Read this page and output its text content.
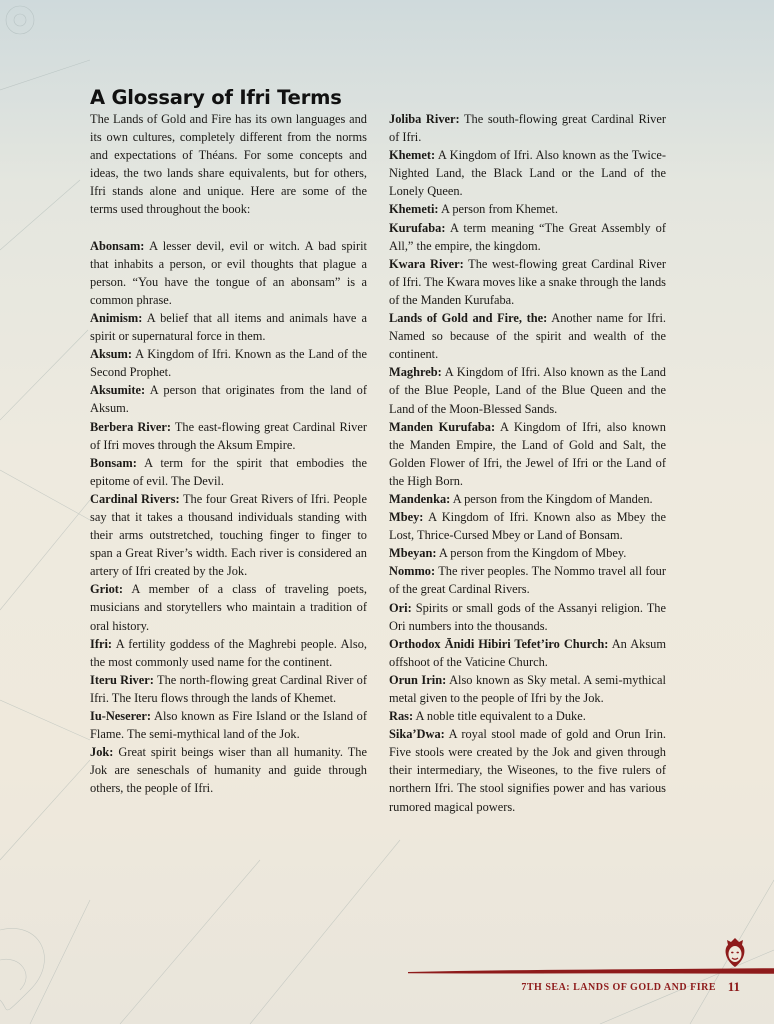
A Glossary of Ifri Terms

The Lands of Gold and Fire has its own languages and its own cultures, completely different from the norms and expectations of Théans. For some concepts and ideas, the two lands share equivalents, but for others, Ifri stands alone and unique. Here are some of the terms used throughout the book:

Abonsam: A lesser devil, evil or witch. A bad spirit that inhabits a person, or evil thoughts that plague a person. “You have the tongue of an abonsam” is a common phrase.

Animism: A belief that all items and animals have a spirit or supernatural force in them.

Aksum: A Kingdom of Ifri. Known as the Land of the Second Prophet.

Aksumite: A person that originates from the land of Aksum.

Berbera River: The east-flowing great Cardinal River of Ifri moves through the Aksum Empire.

Bonsam: A term for the spirit that embodies the epitome of evil. The Devil.

Cardinal Rivers: The four Great Rivers of Ifri. People say that it takes a thousand individuals standing with their arms outstretched, touching finger to finger to span a Great River’s width. Each river is considered an artery of Ifri created by the Jok.

Griot: A member of a class of traveling poets, musicians and storytellers who maintain a tradition of oral history.

Ifri: A fertility goddess of the Maghrebi people. Also, the most commonly used name for the continent.

Iteru River: The north-flowing great Cardinal River of Ifri. The Iteru flows through the lands of Khemet.

Iu-Neserer: Also known as Fire Island or the Island of Flame. The semi-mythical land of the Jok.

Jok: Great spirit beings wiser than all humanity. The Jok are seneschals of humanity and guide through others, the people of Ifri.

Joliba River: The south-flowing great Cardinal River of Ifri.

Khemet: A Kingdom of Ifri. Also known as the Twice-Nighted Land, the Black Land or the Land of the Lonely Queen.

Khemeti: A person from Khemet.

Kurufaba: A term meaning “The Great Assembly of All,” the empire, the kingdom.

Kwara River: The west-flowing great Cardinal River of Ifri. The Kwara moves like a snake through the lands of the Manden Kurufaba.

Lands of Gold and Fire, the: Another name for Ifri. Named so because of the spirit and wealth of the continent.

Maghreb: A Kingdom of Ifri. Also known as the Land of the Blue People, Land of the Blue Queen and the Land of the Moon-Blessed Sands.

Manden Kurufaba: A Kingdom of Ifri, also known the Manden Empire, the Land of Gold and Salt, the Golden Flower of Ifri, the Jewel of Ifri or the Land of the High Born.

Mandenka: A person from the Kingdom of Manden.

Mbey: A Kingdom of Ifri. Known also as Mbey the Lost, Thrice-Cursed Mbey or Land of Bonsam.

Mbeyan: A person from the Kingdom of Mbey.

Nommo: The river peoples. The Nommo travel all four of the great Cardinal Rivers.

Ori: Spirits or small gods of the Assanyi religion. The Ori numbers into the thousands.

Orthodox Ānidi Hibiri Tefet’iro Church: An Aksum offshoot of the Vaticine Church.

Orun Irin: Also known as Sky metal. A semi-mythical metal given to the people of Ifri by the Jok.

Ras: A noble title equivalent to a Duke.

Sika’Dwa: A royal stool made of gold and Orun Irin. Five stools were created by the Jok and given through their intermediary, the Wiseones, to the five rulers of northern Ifri. The stool signifies power and has various rumored magical powers.

7TH SEA: LANDS OF GOLD AND FIRE 11
